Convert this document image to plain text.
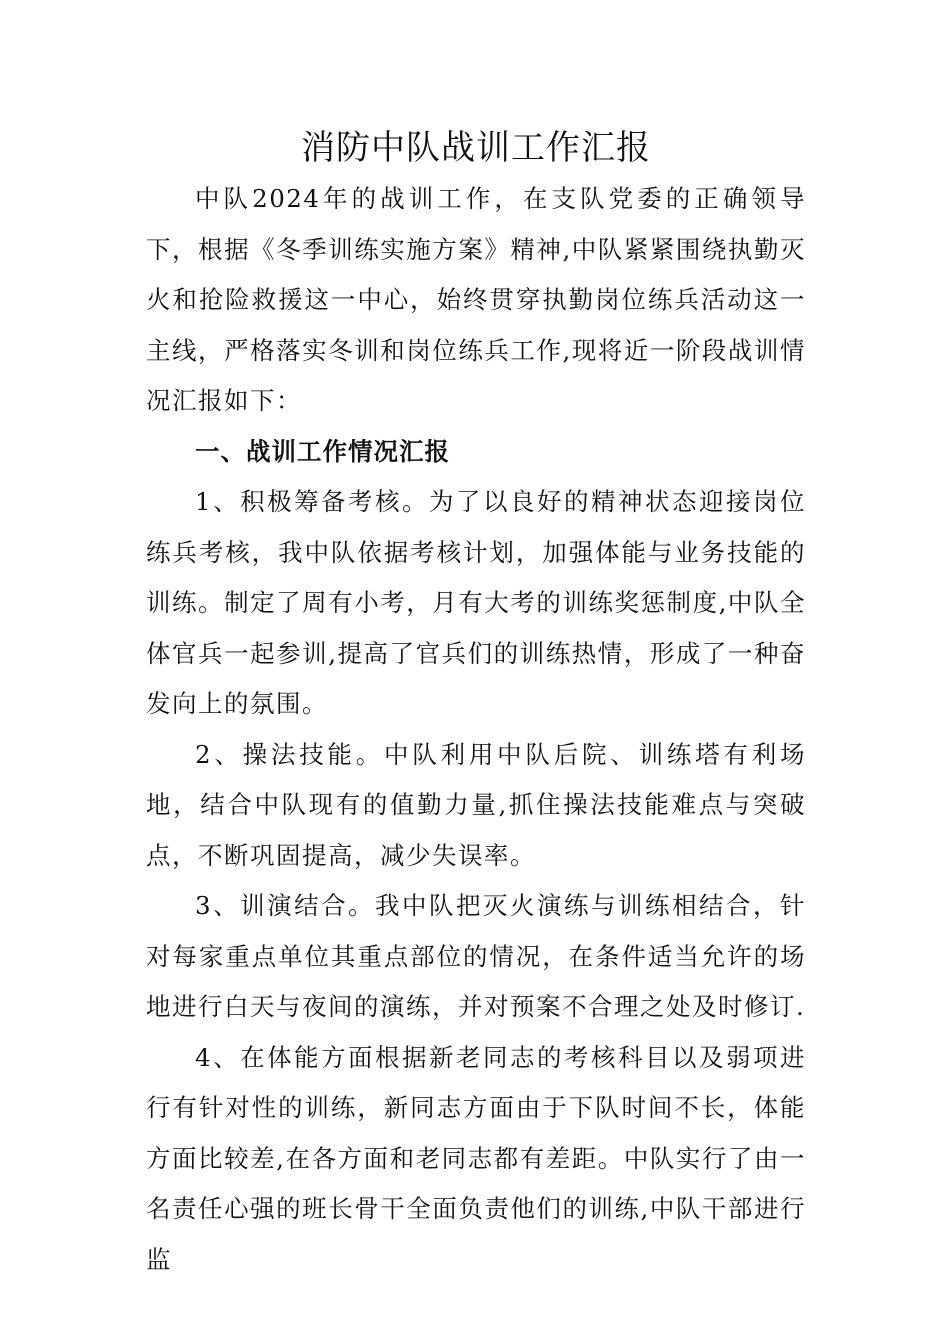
消防中队战训工作汇报

中队2024年的战训工作，在支队党委的正确领导下，根据《冬季训练实施方案》精神,中队紧紧围绕执勤灭火和抢险救援这一中心，始终贯穿执勤岗位练兵活动这一主线，严格落实冬训和岗位练兵工作,现将近一阶段战训情况汇报如下：

一、战训工作情况汇报

1、积极筹备考核。为了以良好的精神状态迎接岗位练兵考核，我中队依据考核计划，加强体能与业务技能的训练。制定了周有小考，月有大考的训练奖惩制度,中队全体官兵一起参训,提高了官兵们的训练热情，形成了一种奋发向上的氛围。

2、操法技能。中队利用中队后院、训练塔有利场地，结合中队现有的值勤力量,抓住操法技能难点与突破点，不断巩固提高，减少失误率。

3、训演结合。我中队把灭火演练与训练相结合，针对每家重点单位其重点部位的情况，在条件适当允许的场地进行白天与夜间的演练，并对预案不合理之处及时修订.

4、在体能方面根据新老同志的考核科目以及弱项进行有针对性的训练，新同志方面由于下队时间不长，体能方面比较差,在各方面和老同志都有差距。中队实行了由一名责任心强的班长骨干全面负责他们的训练,中队干部进行监
